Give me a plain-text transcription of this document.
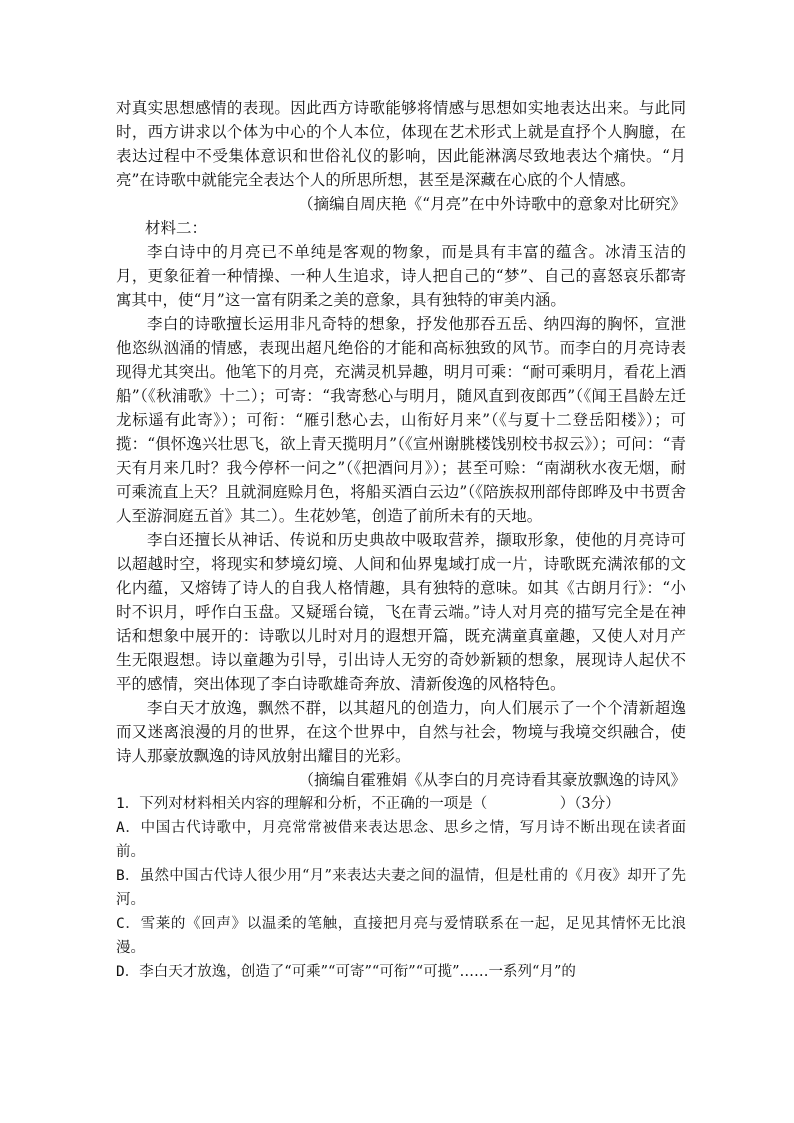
对真实思想感情的表现。因此西方诗歌能够将情感与思想如实地表达出来。与此同时，西方讲求以个体为中心的个人本位，体现在艺术形式上就是直抒个人胸臆，在表达过程中不受集体意识和世俗礼仪的影响，因此能淋漓尽致地表达个痛快。“月亮”在诗歌中就能完全表达个人的所思所想，甚至是深藏在心底的个人情感。

（摘编自周庆艳《“月亮”在中外诗歌中的意象对比研究》

材料二：

李白诗中的月亮已不单纯是客观的物象，而是具有丰富的蕴含。冰清玉洁的月，更象征着一种情操、一种人生追求，诗人把自己的“梦”、自己的喜怒哀乐都寄寓其中，使“月”这一富有阴柔之美的意象，具有独特的审美内涵。

李白的诗歌擅长运用非凡奇特的想象，抒发他那吞五岳、纳四海的胸怀，宣泄他恣纵汹涌的情感，表现出超凡绝俗的才能和高标独致的风节。而李白的月亮诗表现得尤其突出。他笔下的月亮，充满灵机异趣，明月可乘：“耐可乘明月，看花上酒船”（《秋浦歌》十二）；可寄：“我寄愁心与明月，随风直到夜郎西”（《闻王昌龄左迁龙标遥有此寄》）；可衔：“雁引愁心去，山衔好月来”（《与夏十二登岳阳楼》）；可揽：“俱怀逸兴壮思飞，欲上青天揽明月”（《宣州谢朓楼饯别校书叔云》）；可问：“青天有月来几时？我今停杯一问之”（《把酒问月》）；甚至可赊：“南湖秋水夜无烟，耐可乘流直上天？且就洞庭赊月色，将船买酒白云边”（《陪族叔刑部侍郎晔及中书贾舍人至游洞庭五首》其二）。生花妙笔，创造了前所未有的天地。

李白还擅长从神话、传说和历史典故中吸取营养，撷取形象，使他的月亮诗可以超越时空，将现实和梦境幻境、人间和仙界鬼域打成一片，诗歌既充满浓郁的文化内蕴，又熔铸了诗人的自我人格情趣，具有独特的意味。如其《古朗月行》：“小时不识月，呼作白玉盘。又疑瑶台镜，飞在青云端。”诗人对月亮的描写完全是在神话和想象中展开的：诗歌以儿时对月的遐想开篇，既充满童真童趣，又使人对月产生无限遐想。诗以童趣为引导，引出诗人无穷的奇妙新颖的想象，展现诗人起伏不平的感情，突出体现了李白诗歌雄奇奔放、清新俊逸的风格特色。

李白天才放逸，飘然不群，以其超凡的创造力，向人们展示了一个个清新超逸而又迷离浪漫的月的世界，在这个世界中，自然与社会，物境与我境交织融合，使诗人那豪放飘逸的诗风放射出耀目的光彩。

（摘编自霍雅娟《从李白的月亮诗看其豪放飘逸的诗风》

1．下列对材料相关内容的理解和分析，不正确的一项是（　　　　　）（3分）

A．中国古代诗歌中，月亮常常被借来表达思念、思乡之情，写月诗不断出现在读者面前。

B．虽然中国古代诗人很少用“月”来表达夫妻之间的温情，但是杜甫的《月夜》却开了先河。

C．雪莱的《回声》以温柔的笔触，直接把月亮与爱情联系在一起，足见其情怀无比浪漫。

D．李白天才放逸，创造了“可乘”“可寄”“可衔”“可揽”……一系列“月”的
